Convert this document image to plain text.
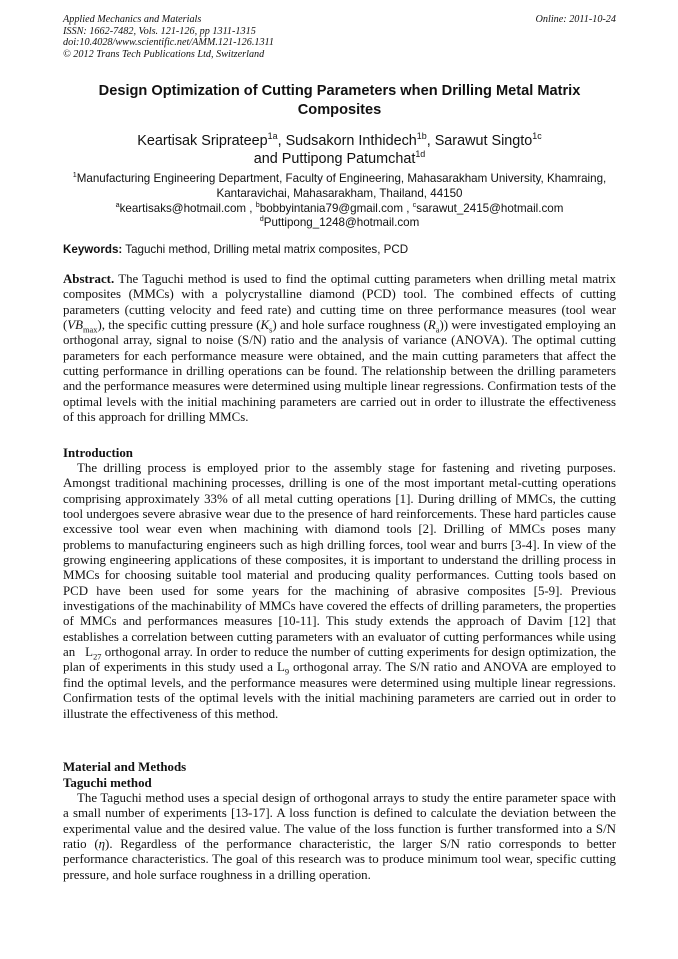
Applied Mechanics and Materials
ISSN: 1662-7482, Vols. 121-126, pp 1311-1315
doi:10.4028/www.scientific.net/AMM.121-126.1311
© 2012 Trans Tech Publications Ltd, Switzerland
Online: 2011-10-24
Design Optimization of Cutting Parameters when Drilling Metal Matrix Composites
Keartisak Sriprateep$^{1a}$, Sudsakorn Inthidech$^{1b}$, Sarawut Singto$^{1c}$
and Puttipong Patumchat$^{1d}$
$^1$Manufacturing Engineering Department, Faculty of Engineering, Mahasarakham University, Khamraing, Kantaravichai, Mahasarakham, Thailand, 44150
$^a$keartisaks@hotmail.com , $^b$bobbyintania79@gmail.com , $^c$sarawut_2415@hotmail.com
$^d$Puttipong_1248@hotmail.com
Keywords: Taguchi method, Drilling metal matrix composites, PCD
Abstract. The Taguchi method is used to find the optimal cutting parameters when drilling metal matrix composites (MMCs) with a polycrystalline diamond (PCD) tool. The combined effects of cutting parameters (cutting velocity and feed rate) and cutting time on three performance measures (tool wear $(VB_{max})$, the specific cutting pressure $(K_s)$ and hole surface roughness $(R_a)$) were investigated employing an orthogonal array, signal to noise (S/N) ratio and the analysis of variance (ANOVA). The optimal cutting parameters for each performance measure were obtained, and the main cutting parameters that affect the cutting performance in drilling operations can be found. The relationship between the drilling parameters and the performance measures were determined using multiple linear regressions. Confirmation tests of the optimal levels with the initial machining parameters are carried out in order to illustrate the effectiveness of this approach for drilling MMCs.
Introduction
The drilling process is employed prior to the assembly stage for fastening and riveting purposes. Amongst traditional machining processes, drilling is one of the most important metal-cutting operations comprising approximately 33% of all metal cutting operations [1]. During drilling of MMCs, the cutting tool undergoes severe abrasive wear due to the presence of hard reinforcements. These hard particles cause excessive tool wear even when machining with diamond tools [2]. Drilling of MMCs poses many problems to manufacturing engineers such as high drilling forces, tool wear and burrs [3-4]. In view of the growing engineering applications of these composites, it is important to understand the drilling process in MMCs for choosing suitable tool material and producing quality performances. Cutting tools based on PCD have been used for some years for the machining of abrasive composites [5-9]. Previous investigations of the machinability of MMCs have covered the effects of drilling parameters, the properties of MMCs and performances measures [10-11]. This study extends the approach of Davim [12] that establishes a correlation between cutting parameters with an evaluator of cutting performances while using an   $L_{27}$ orthogonal array. In order to reduce the number of cutting experiments for design optimization, the plan of experiments in this study used a $L_9$ orthogonal array. The S/N ratio and ANOVA are employed to find the optimal levels, and the performance measures were determined using multiple linear regressions. Confirmation tests of the optimal levels with the initial machining parameters are carried out in order to illustrate the effectiveness of this method.
Material and Methods
Taguchi method
The Taguchi method uses a special design of orthogonal arrays to study the entire parameter space with a small number of experiments [13-17]. A loss function is defined to calculate the deviation between the experimental value and the desired value. The value of the loss function is further transformed into a S/N ratio (η). Regardless of the performance characteristic, the larger S/N ratio corresponds to better performance characteristics. The goal of this research was to produce minimum tool wear, specific cutting pressure, and hole surface roughness in a drilling operation.
